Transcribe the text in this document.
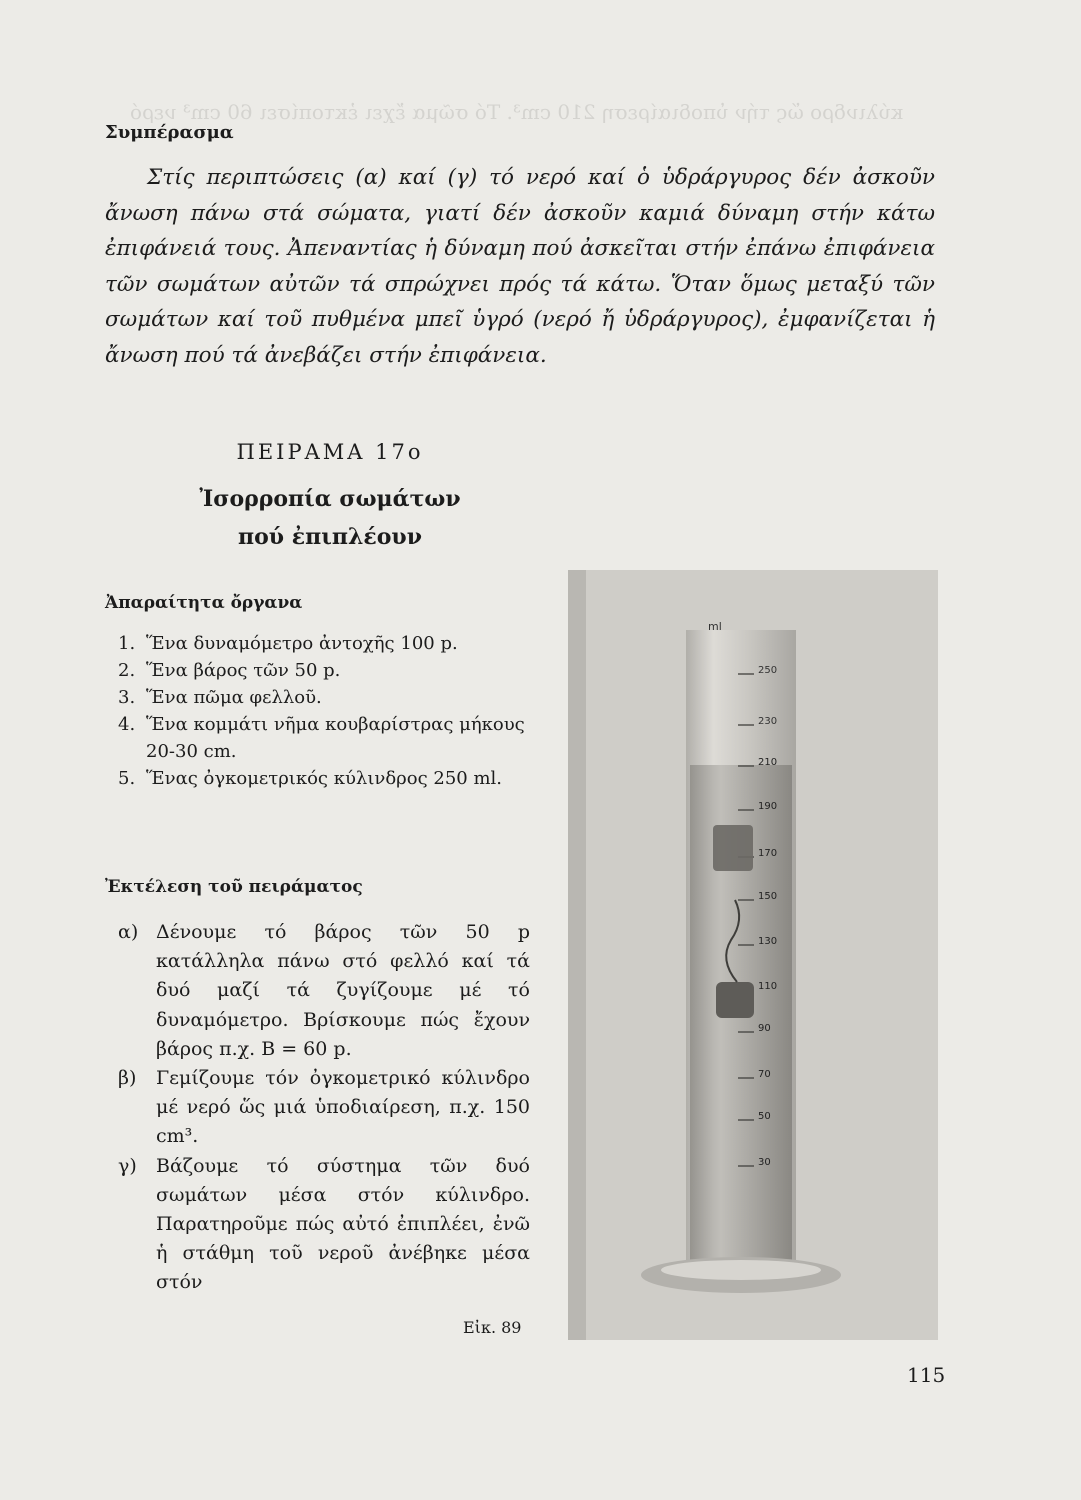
κύλινδρο ὥς τήν ὑποδιαίρεση 210 cm³. Τό σῶμα ἔχει ἐκτοπίσει 60 cm³ νερό
Συμπέρασμα

Στίς περιπτώσεις (α) καί (γ) τό νερό καί ὁ ὑδράργυρος δέν ἀσκοῦν ἄνωση πάνω στά σώματα, γιατί δέν ἀσκοῦν καμιά δύναμη στήν κάτω ἐπιφάνειά τους. Ἀπεναντίας ἡ δύναμη πού ἀσκεῖται στήν ἐπάνω ἐπιφάνεια τῶν σωμάτων αὐτῶν τά σπρώχνει πρός τά κάτω. Ὅταν ὅμως μεταξύ τῶν σωμάτων καί τοῦ πυθμένα μπεῖ ὑγρό (νερό ἤ ὑδράργυρος), ἐμφανίζεται ἡ ἄνωση πού τά ἀνεβάζει στήν ἐπιφάνεια.

ΠΕΙΡΑΜΑ 17ο
Ἰσορροπία σωμάτων
πού ἐπιπλέουν
Ἀπαραίτητα ὄργανα
1. Ἕνα δυναμόμετρο ἀντοχῆς 100 p.
2. Ἕνα βάρος τῶν 50 p.
3. Ἕνα πῶμα φελλοῦ.
4. Ἕνα κομμάτι νῆμα κουβαρίστρας μήκους 20-30 cm.
5. Ἕνας ὀγκομετρικός κύλινδρος 250 ml.
Ἐκτέλεση τοῦ πειράματος
α) Δένουμε τό βάρος τῶν 50 p κατάλληλα πάνω στό φελλό καί τά δυό μαζί τά ζυγίζουμε μέ τό δυναμόμετρο. Βρίσκουμε πώς ἔχουν βάρος π.χ. B = 60 p.
β)	Γεμίζουμε τόν ὀγκομετρικό κύλινδρο μέ νερό ὥς μιά ὑποδιαίρεση, π.χ. 150 cm³.
γ)	Βάζουμε τό σύστημα τῶν δυό σωμάτων μέσα στόν κύλινδρο. Παρατηροῦμε πώς αὐτό ἐπιπλέει, ἐνῶ ἡ στάθμη τοῦ νεροῦ ἀνέβηκε μέσα στόν
ml
250
230
210
190
170
150
130
110
90
70
50
30
Εἰκ. 89
115
